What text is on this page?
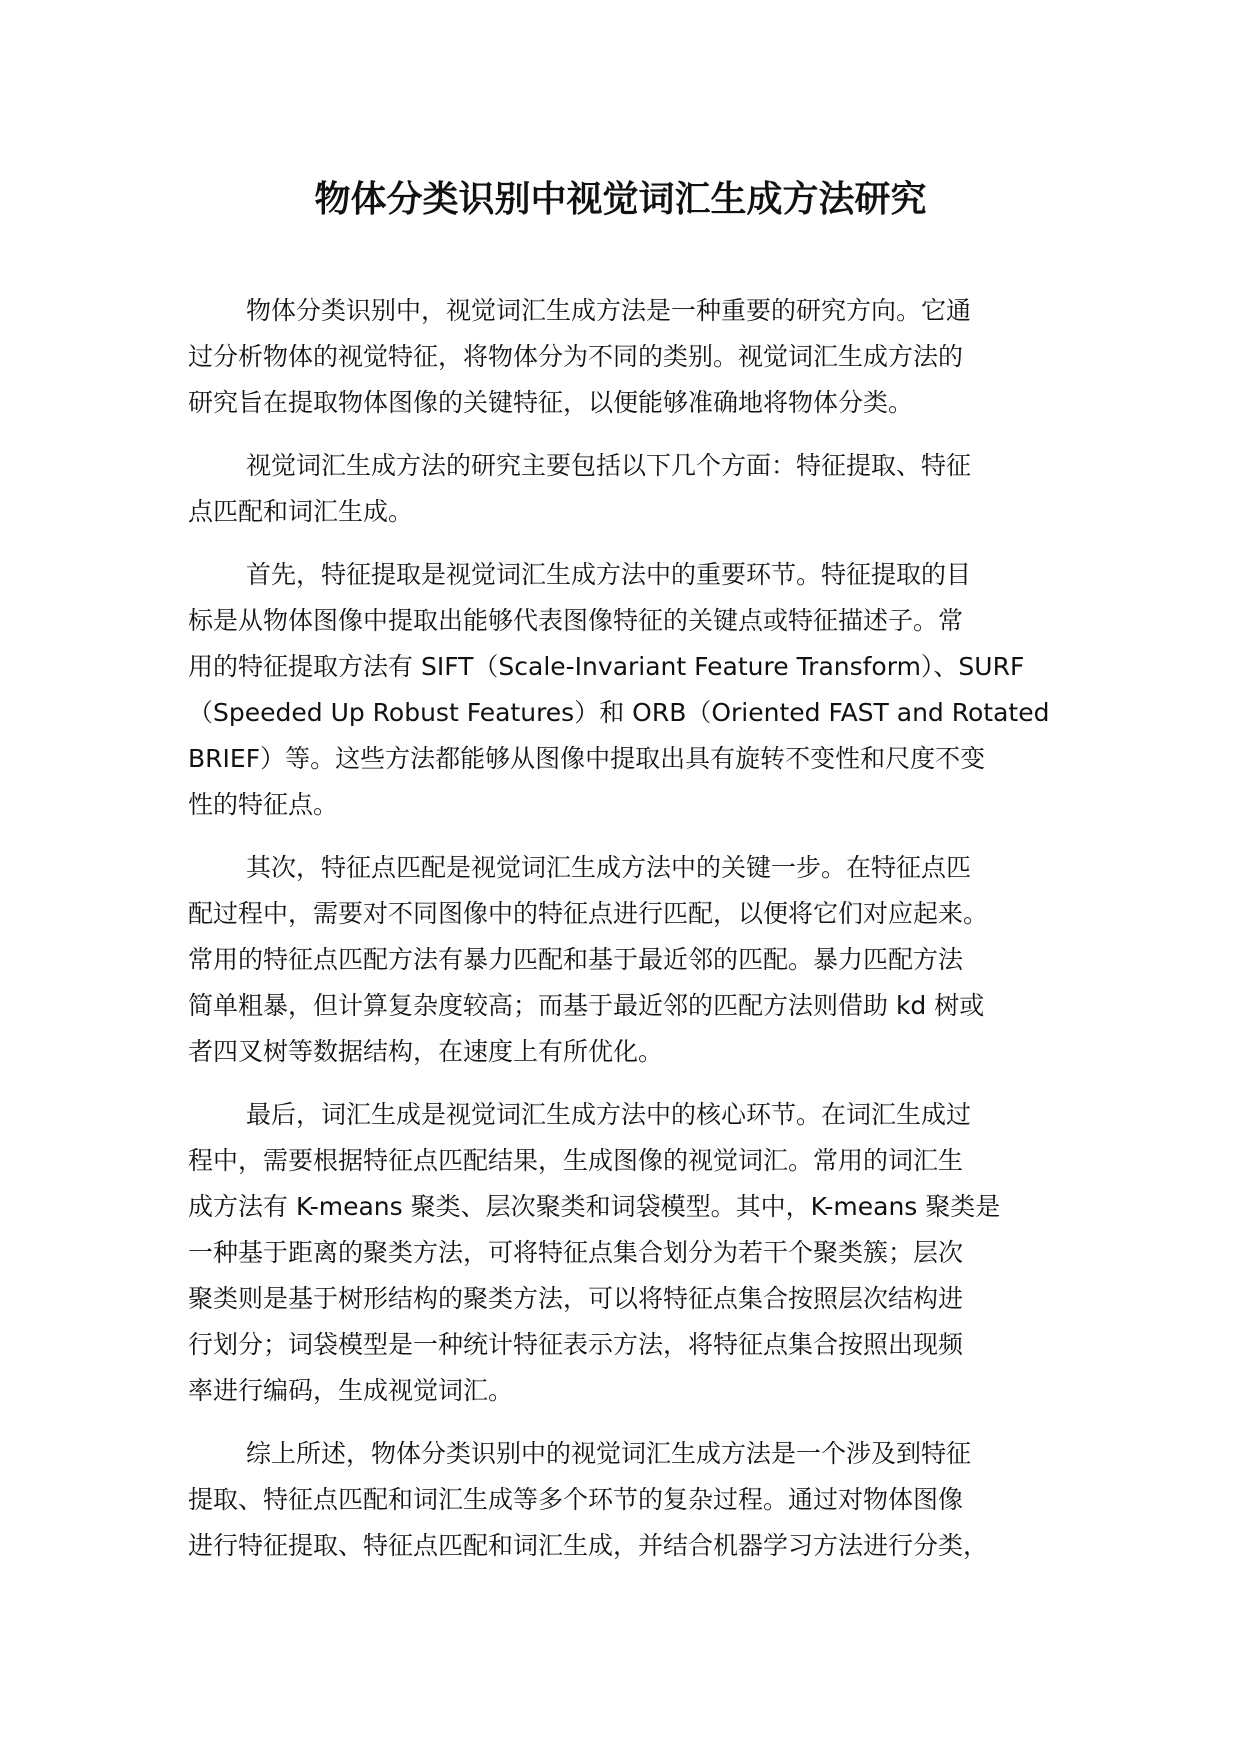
物体分类识别中视觉词汇生成方法研究
物体分类识别中，视觉词汇生成方法是一种重要的研究方向。它通
过分析物体的视觉特征，将物体分为不同的类别。视觉词汇生成方法的
研究旨在提取物体图像的关键特征，以便能够准确地将物体分类。
视觉词汇生成方法的研究主要包括以下几个方面：特征提取、特征
点匹配和词汇生成。
首先，特征提取是视觉词汇生成方法中的重要环节。特征提取的目
标是从物体图像中提取出能够代表图像特征的关键点或特征描述子。常
用的特征提取方法有 SIFT（Scale-Invariant Feature Transform）、SURF
（Speeded Up Robust Features）和 ORB（Oriented FAST and Rotated
BRIEF）等。这些方法都能够从图像中提取出具有旋转不变性和尺度不变
性的特征点。
其次，特征点匹配是视觉词汇生成方法中的关键一步。在特征点匹
配过程中，需要对不同图像中的特征点进行匹配，以便将它们对应起来。
常用的特征点匹配方法有暴力匹配和基于最近邻的匹配。暴力匹配方法
简单粗暴，但计算复杂度较高；而基于最近邻的匹配方法则借助 kd 树或
者四叉树等数据结构，在速度上有所优化。
最后，词汇生成是视觉词汇生成方法中的核心环节。在词汇生成过
程中，需要根据特征点匹配结果，生成图像的视觉词汇。常用的词汇生
成方法有 K-means 聚类、层次聚类和词袋模型。其中，K-means 聚类是
一种基于距离的聚类方法，可将特征点集合划分为若干个聚类簇；层次
聚类则是基于树形结构的聚类方法，可以将特征点集合按照层次结构进
行划分；词袋模型是一种统计特征表示方法，将特征点集合按照出现频
率进行编码，生成视觉词汇。
综上所述，物体分类识别中的视觉词汇生成方法是一个涉及到特征
提取、特征点匹配和词汇生成等多个环节的复杂过程。通过对物体图像
进行特征提取、特征点匹配和词汇生成，并结合机器学习方法进行分类，
